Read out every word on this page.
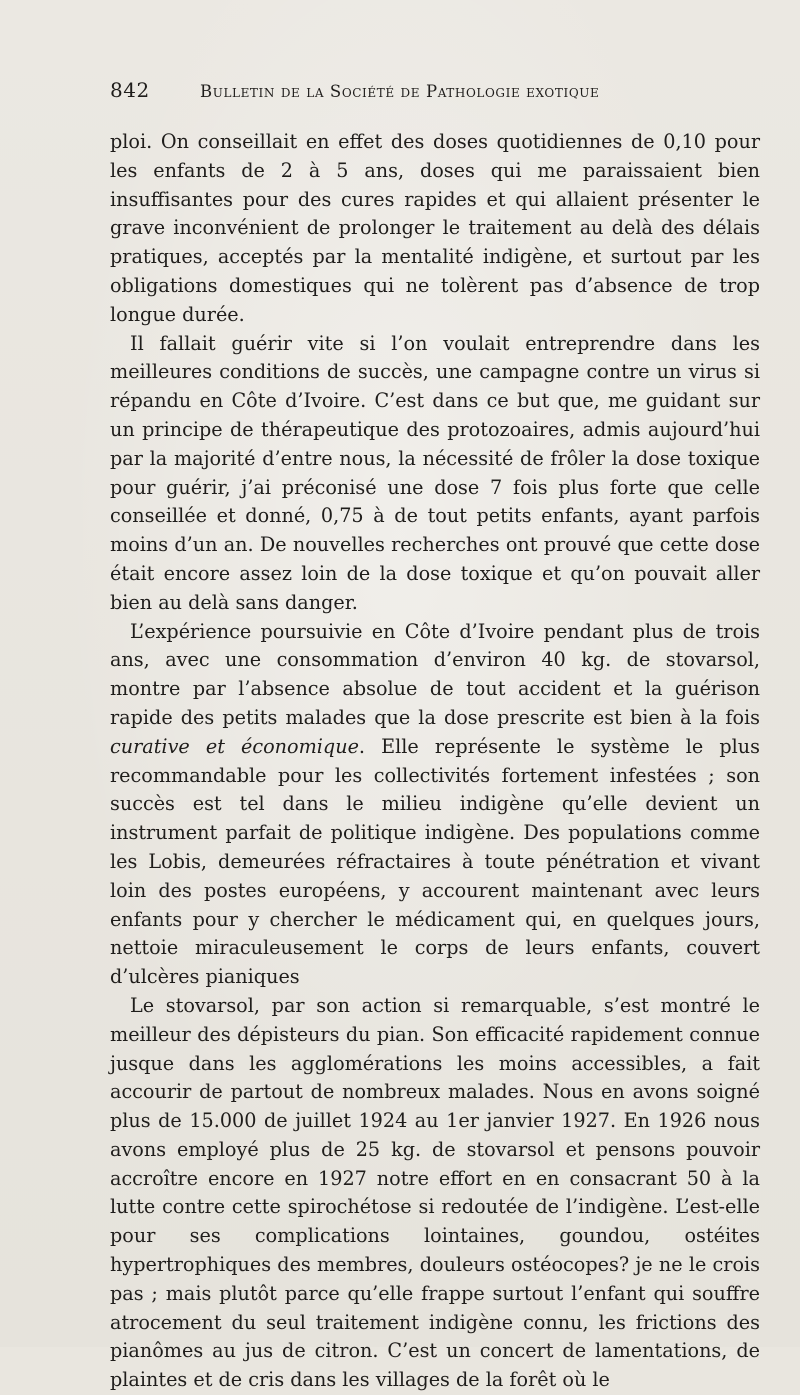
842	Bulletin de la Société de Pathologie exotique

ploi. On conseillait en effet des doses quotidiennes de 0,10 pour les enfants de 2 à 5 ans, doses qui me paraissaient bien insuffisantes pour des cures rapides et qui allaient présenter le grave inconvénient de prolonger le traitement au delà des délais pratiques, acceptés par la mentalité indigène, et surtout par les obligations domestiques qui ne tolèrent pas d’absence de trop longue durée.

Il fallait guérir vite si l’on voulait entreprendre dans les meilleures conditions de succès, une campagne contre un virus si répandu en Côte d’Ivoire. C’est dans ce but que, me guidant sur un principe de thérapeutique des protozoaires, admis aujourd’hui par la majorité d’entre nous, la nécessité de frôler la dose toxique pour guérir, j’ai préconisé une dose 7 fois plus forte que celle conseillée et donné, 0,75 à de tout petits enfants, ayant parfois moins d’un an. De nouvelles recherches ont prouvé que cette dose était encore assez loin de la dose toxique et qu’on pouvait aller bien au delà sans danger.

L’expérience poursuivie en Côte d’Ivoire pendant plus de trois ans, avec une consommation d’environ 40 kg. de stovarsol, montre par l’absence absolue de tout accident et la guérison rapide des petits malades que la dose prescrite est bien à la fois curative et économique. Elle représente le système le plus recommandable pour les collectivités fortement infestées ; son succès est tel dans le milieu indigène qu’elle devient un instrument parfait de politique indigène. Des populations comme les Lobis, demeurées réfractaires à toute pénétration et vivant loin des postes européens, y accourent maintenant avec leurs enfants pour y chercher le médicament qui, en quelques jours, nettoie miraculeusement le corps de leurs enfants, couvert d’ulcères pianiques

Le stovarsol, par son action si remarquable, s’est montré le meilleur des dépisteurs du pian. Son efficacité rapidement connue jusque dans les agglomérations les moins accessibles, a fait accourir de partout de nombreux malades. Nous en avons soigné plus de 15.000 de juillet 1924 au 1er janvier 1927. En 1926 nous avons employé plus de 25 kg. de stovarsol et pensons pouvoir accroître encore en 1927 notre effort en en consacrant 50 à la lutte contre cette spirochétose si redoutée de l’indigène. L’est-elle pour ses complications lointaines, goundou, ostéites hypertrophiques des membres, douleurs ostéocopes? je ne le crois pas ; mais plutôt parce qu’elle frappe surtout l’enfant qui souffre atrocement du seul traitement indigène connu, les frictions des pianômes au jus de citron. C’est un concert de lamentations, de plaintes et de cris dans les villages de la forêt où le
